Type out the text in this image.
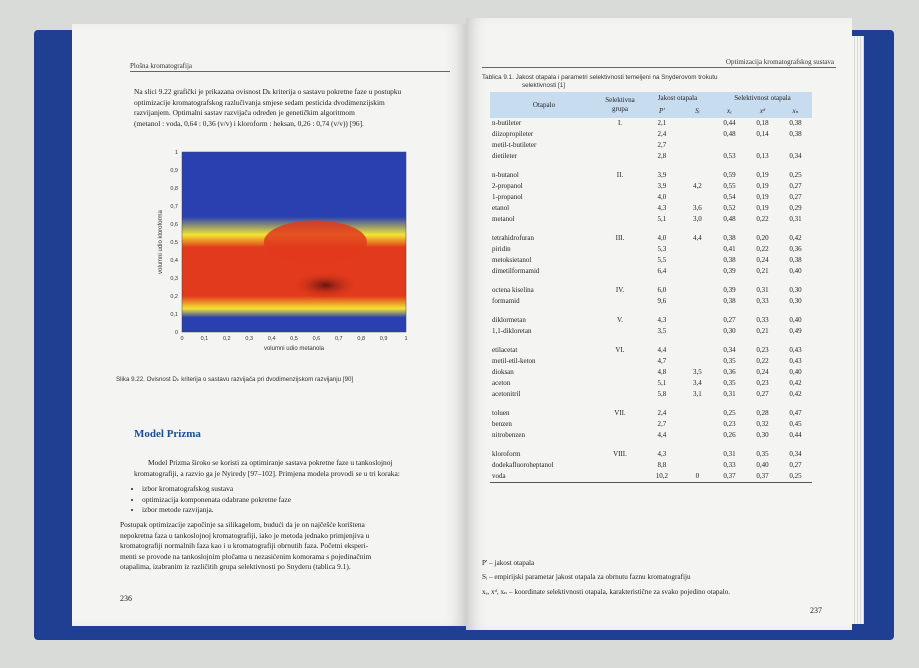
Plošna kromatografija
Na slici 9.22 grafički je prikazana ovisnost Dₖ kriterija o sastavu pokretne faze u postupku
optimizacije kromatografskog razlučivanja smjese sedam pesticida dvodimenzijskim
razvijanjem. Optimalni sastav razvijača određen je genetičkim algoritmom
(metanol : voda, 0,64 : 0,36 (v/v) i kloroform : heksan, 0,26 : 0,74 (v/v)) [96].
0	0,1	0,2	0,3	0,4	0,5	0,6	0,7	0,8	0,9	1
0
0,1
0,2
0,3
0,4
0,5
0,6
0,7
0,8
0,9
1
volumni udio metanola
volumni udio kloroforma
Slika 9.22. Ovisnost Dₖ kriterija o sastavu razvijača pri dvodimenzijskom razvijanju [90]
Model Prizma
Model Prizma široko se koristi za optimiranje sastava pokretne faze u tankoslojnoj
kromatografiji, a razvio ga je Nyiredy [97–102]. Primjena modela provodi se u tri koraka:
• izbor kromatografskog sustava
• optimizacija komponenata odabrane pokretne faze
• izbor metode razvijanja.
Postupak optimizacije započinje sa silikagelom, budući da je on najčešće korištena
nepokretna faza u tankoslojnoj kromatografiji, iako je metoda jednako primjenjiva u
kromatografiji normalnih faza kao i u kromatografiji obrnutih faza. Početni eksperi-
menti se provode na tankoslojnim pločama u nezasićenim komorama s pojedinačnim
otapalima, izabranim iz različitih grupa selektivnosti po Snyderu (tablica 9.1).
236
Optimizacija kromatografskog sustava
Tablica 9.1. Jakost otapala i parametri selektivnosti temeljeni na Snyderovom trokutu
selektivnosti [1]
Otapalo	Selektivna grupa	Jakost otapala		Selektivnost otapala		
		P'	Sᵢ	xₑ	xᵈ	xₙ
n-butileter	I.	2,1		0,44	0,18	0,38
diizopropileter		2,4		0,48	0,14	0,38
metil-t-butileter		2,7				
dietileter		2,8		0,53	0,13	0,34

n-butanol	II.	3,9		0,59	0,19	0,25
2-propanol		3,9	4,2	0,55	0,19	0,27
1-propanol		4,0		0,54	0,19	0,27
etanol		4,3	3,6	0,52	0,19	0,29
metanol		5,1	3,0	0,48	0,22	0,31

tetrahidrofuran	III.	4,0	4,4	0,38	0,20	0,42
piridin		5,3		0,41	0,22	0,36
metoksietanol		5,5		0,38	0,24	0,38
dimetilformamid		6,4		0,39	0,21	0,40

octena kiselina	IV.	6,0		0,39	0,31	0,30
formamid		9,6		0,38	0,33	0,30

diklormetan	V.	4,3		0,27	0,33	0,40
1,1-dikloretan		3,5		0,30	0,21	0,49

etilacetat	VI.	4,4		0,34	0,23	0,43
metil-etil-keton		4,7		0,35	0,22	0,43
dioksan		4,8	3,5	0,36	0,24	0,40
aceton		5,1	3,4	0,35	0,23	0,42
acetonitril		5,8	3,1	0,31	0,27	0,42

toluen	VII.	2,4		0,25	0,28	0,47
benzen		2,7		0,23	0,32	0,45
nitrobenzen		4,4		0,26	0,30	0,44

kloroform	VIII.	4,3		0,31	0,35	0,34
dodekafluoroheptanol		8,8		0,33	0,40	0,27
voda		10,2	0	0,37	0,37	0,25
P' – jakost otapala
Sᵢ – empirijski parametar jakost otapala za obrnutu faznu kromatografiju
xₑ, xᵈ, xₙ – koordinate selektivnosti otapala, karakteristične za svako pojedino otapalo.
237
